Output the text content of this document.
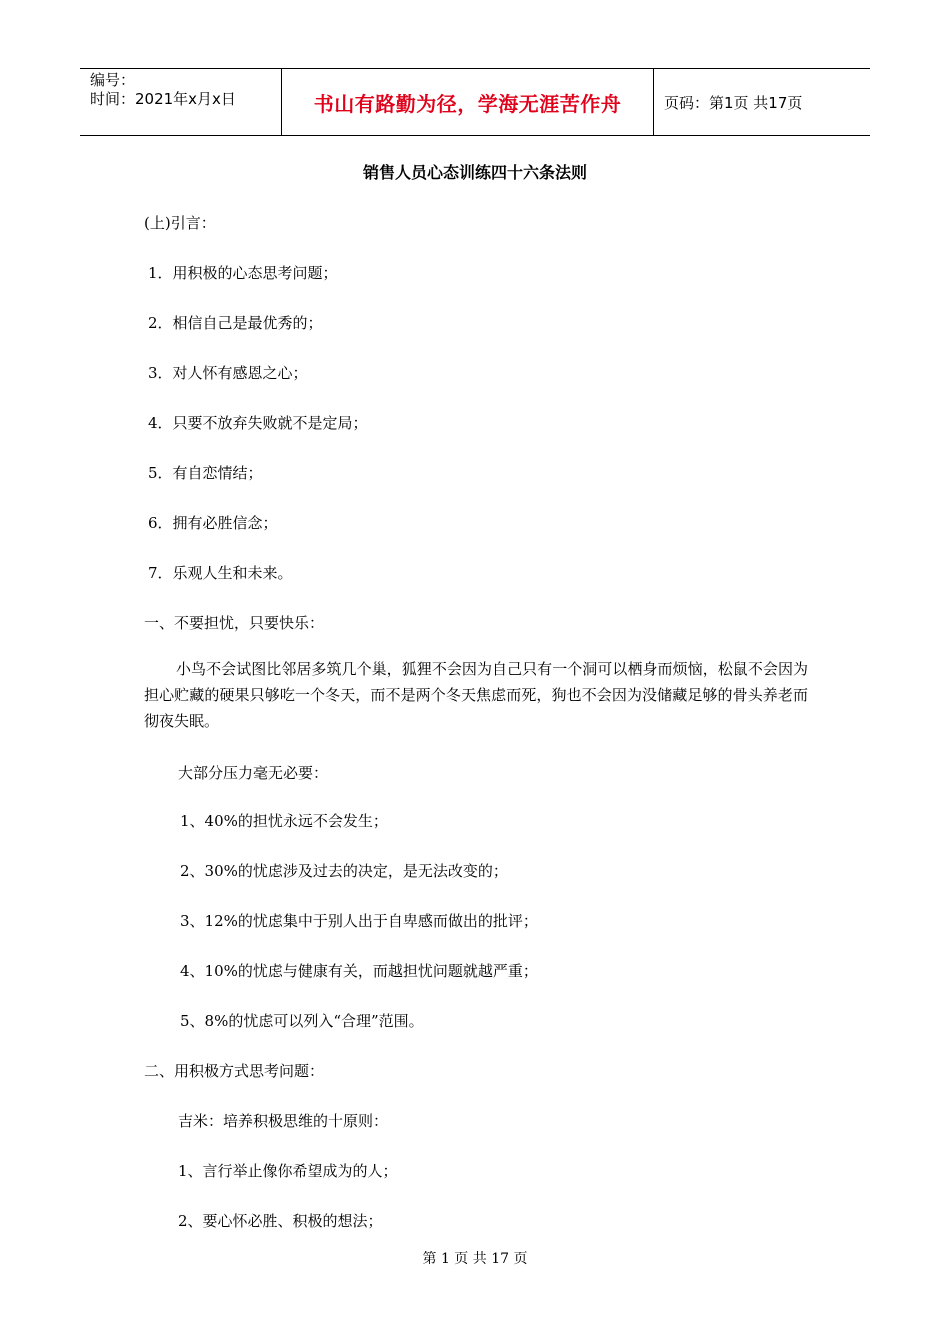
编号：
时间：2021年x月x日	书山有路勤为径，学海无涯苦作舟	页码：第1页 共17页
销售人员心态训练四十六条法则
(上)引言：
1．用积极的心态思考问题；
2．相信自己是最优秀的；
3．对人怀有感恩之心；
4．只要不放弃失败就不是定局；
5．有自恋情结；
6．拥有必胜信念；
7．乐观人生和未来。
一、不要担忧，只要快乐：
小鸟不会试图比邻居多筑几个巢，狐狸不会因为自己只有一个洞可以栖身而烦恼，松鼠不会因为担心贮藏的硬果只够吃一个冬天，而不是两个冬天焦虑而死，狗也不会因为没储藏足够的骨头养老而彻夜失眠。
大部分压力毫无必要：
1、40%的担忧永远不会发生；
2、30%的忧虑涉及过去的决定，是无法改变的；
3、12%的忧虑集中于别人出于自卑感而做出的批评；
4、10%的忧虑与健康有关，而越担忧问题就越严重；
5、8%的忧虑可以列入“合理”范围。
二、用积极方式思考问题：
吉米：培养积极思维的十原则：
1、言行举止像你希望成为的人；
2、要心怀必胜、积极的想法；
第 1 页 共 17 页
